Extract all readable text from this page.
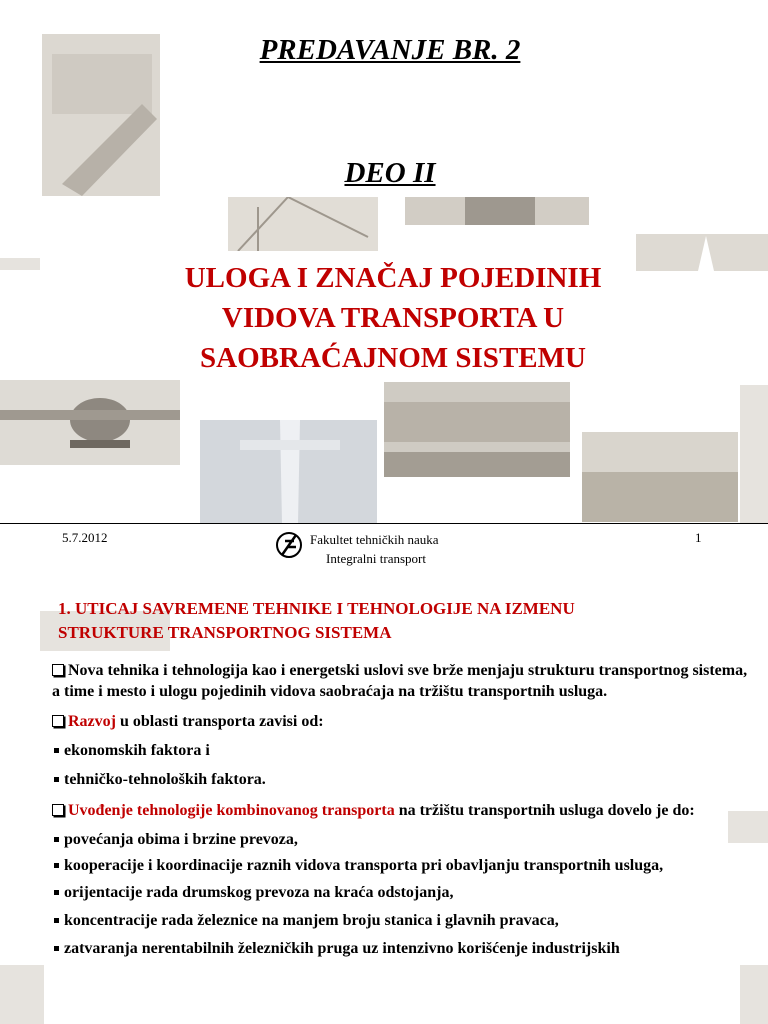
PREDAVANJE BR. 2
DEO II
ULOGA I ZNAČAJ POJEDINIH
VIDOVA TRANSPORTA U
SAOBRAĆAJNOM SISTEMU
5.7.2012	Fakultet tehničkih nauka
Integralni transport
1
1. UTICAJ SAVREMENE TEHNIKE I TEHNOLOGIJE NA IZMENU
STRUKTURE TRANSPORTNOG SISTEMA

Nova tehnika i tehnologija kao i energetski uslovi sve brže menjaju strukturu transportnog sistema, a time i mesto i ulogu pojedinih vidova saobraćaja na tržištu transportnih usluga.

Razvoj u oblasti transporta zavisi od:

ekonomskih faktora i
tehničko-tehnoloških faktora.

Uvođenje tehnologije kombinovanog transporta na tržištu transportnih usluga dovelo je do:

povećanja obima i brzine prevoza,
kooperacije i koordinacije raznih vidova transporta pri obavljanju transportnih usluga,
orijentacije rada drumskog prevoza na kraća odstojanja,
koncentracije rada železnice na manjem broju stanica i glavnih pravaca,
zatvaranja nerentabilnih železničkih pruga uz intenzivno korišćenje industrijskih
